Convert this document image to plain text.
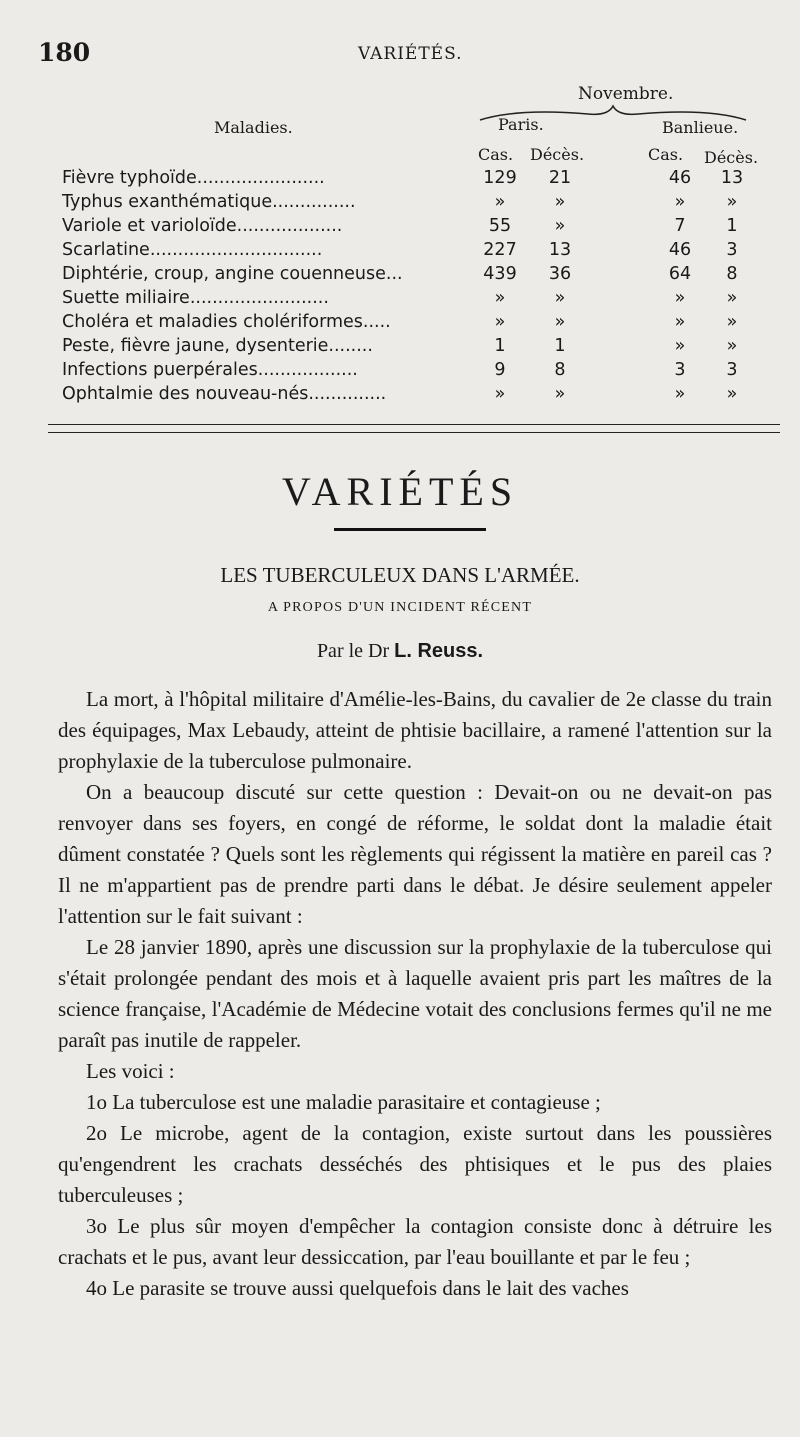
180	VARIÉTÉS.
Novembre.
Maladies.	Paris.	Banlieue.
Cas. Décès.	Cas. Décès.
Fièvre typhoïde.......................	129	21	46	13
Typhus exanthématique...............	»	»	»	»
Variole et varioloïde...................	55	»	7	1
Scarlatine...............................	227	13	46	3
Diphtérie, croup, angine couenneuse...	439	36	64	8
Suette miliaire.........................	»	»	»	»
Choléra et maladies cholériformes.....	»	»	»	»
Peste, fièvre jaune, dysenterie........	1	1	»	»
Infections puerpérales..................	9	8	3	3
Ophtalmie des nouveau-nés..............	»	»	»	»
VARIÉTÉS
LES TUBERCULEUX DANS L'ARMÉE.
A PROPOS D'UN INCIDENT RÉCENT
Par le Dr L. Reuss.

La mort, à l'hôpital militaire d'Amélie-les-Bains, du cavalier de 2e classe du train des équipages, Max Lebaudy, atteint de phtisie bacillaire, a ramené l'attention sur la prophylaxie de la tuberculose pulmonaire.

On a beaucoup discuté sur cette question : Devait-on ou ne devait-on pas renvoyer dans ses foyers, en congé de réforme, le soldat dont la maladie était dûment constatée ? Quels sont les règlements qui régissent la matière en pareil cas ? Il ne m'appartient pas de prendre parti dans le débat. Je désire seulement appeler l'attention sur le fait suivant :

Le 28 janvier 1890, après une discussion sur la prophylaxie de la tuberculose qui s'était prolongée pendant des mois et à laquelle avaient pris part les maîtres de la science française, l'Académie de Médecine votait des conclusions fermes qu'il ne me paraît pas inutile de rappeler.

Les voici :

1o La tuberculose est une maladie parasitaire et contagieuse ;

2o Le microbe, agent de la contagion, existe surtout dans les poussières qu'engendrent les crachats desséchés des phtisiques et le pus des plaies tuberculeuses ;

3o Le plus sûr moyen d'empêcher la contagion consiste donc à détruire les crachats et le pus, avant leur dessiccation, par l'eau bouillante et par le feu ;

4o Le parasite se trouve aussi quelquefois dans le lait des vaches
